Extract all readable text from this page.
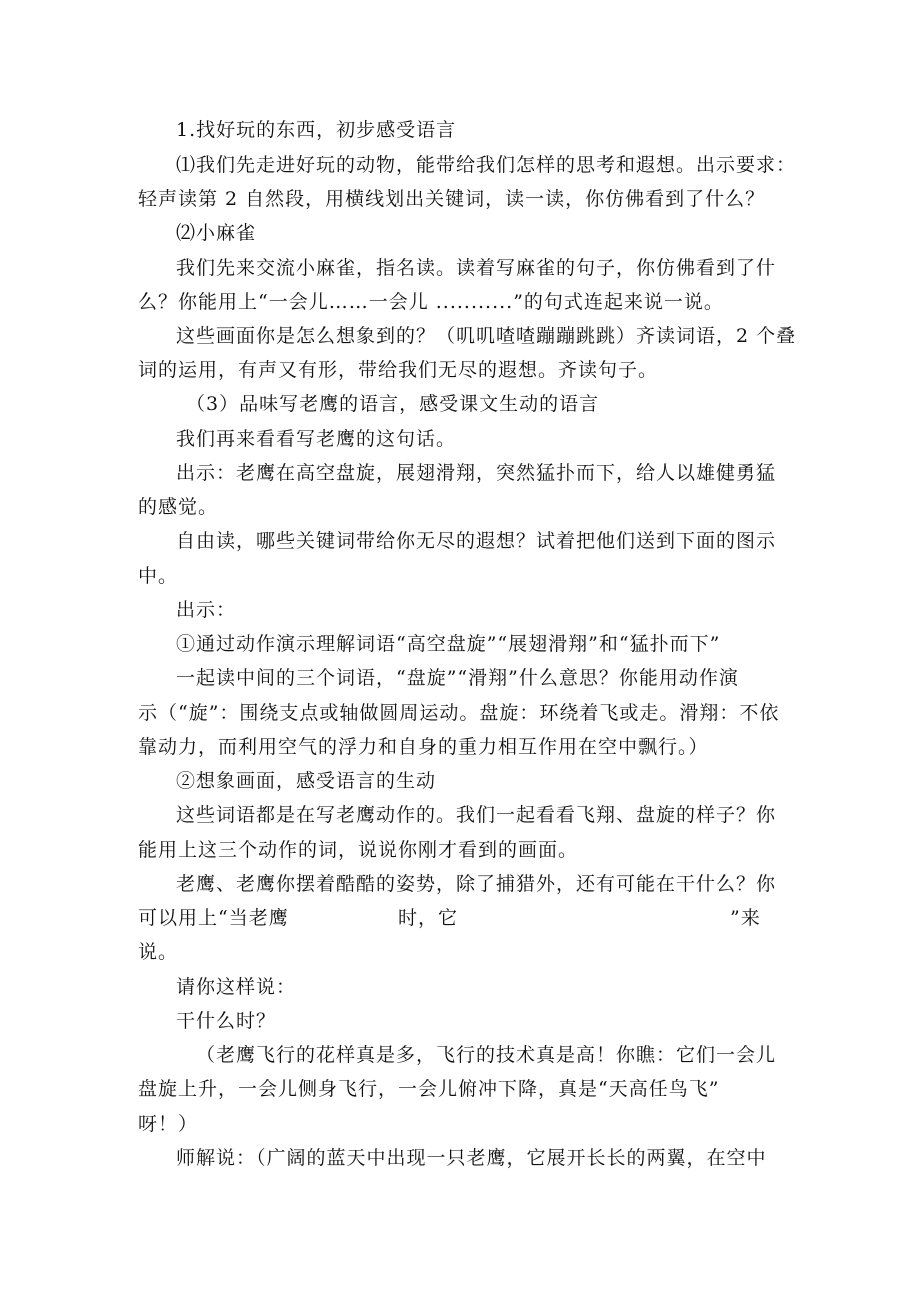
1.找好玩的东西，初步感受语言
⑴我们先走进好玩的动物，能带给我们怎样的思考和遐想。出示要求：
轻声读第 2 自然段，用横线划出关键词，读一读，你仿佛看到了什么？
⑵小麻雀
我们先来交流小麻雀，指名读。读着写麻雀的句子，你仿佛看到了什
么？你能用上“一会儿……一会儿 ...........”的句式连起来说一说。
这些画面你是怎么想象到的？（叽叽喳喳蹦蹦跳跳）齐读词语，2 个叠
词的运用，有声又有形，带给我们无尽的遐想。齐读句子。
（3）品味写老鹰的语言，感受课文生动的语言
我们再来看看写老鹰的这句话。
出示：老鹰在高空盘旋，展翅滑翔，突然猛扑而下，给人以雄健勇猛
的感觉。
自由读，哪些关键词带给你无尽的遐想？试着把他们送到下面的图示
中。
出示：
①通过动作演示理解词语“高空盘旋”“展翅滑翔”和“猛扑而下”
一起读中间的三个词语，“盘旋”“滑翔”什么意思？你能用动作演
示（“旋”：围绕支点或轴做圆周运动。盘旋：环绕着飞或走。滑翔：不依
靠动力，而利用空气的浮力和自身的重力相互作用在空中飘行。）
②想象画面，感受语言的生动
这些词语都是在写老鹰动作的。我们一起看看飞翔、盘旋的样子？你
能用上这三个动作的词，说说你刚才看到的画面。
老鹰、老鹰你摆着酷酷的姿势，除了捕猎外，还有可能在干什么？你
可以用上“当老鹰	时，它	”来
说。
请你这样说：
干什么时？
（老鹰飞行的花样真是多，飞行的技术真是高！你瞧：它们一会儿
盘旋上升，一会儿侧身飞行，一会儿俯冲下降，真是“天高任鸟飞”
呀！）
师解说：（广阔的蓝天中出现一只老鹰，它展开长长的两翼，在空中
